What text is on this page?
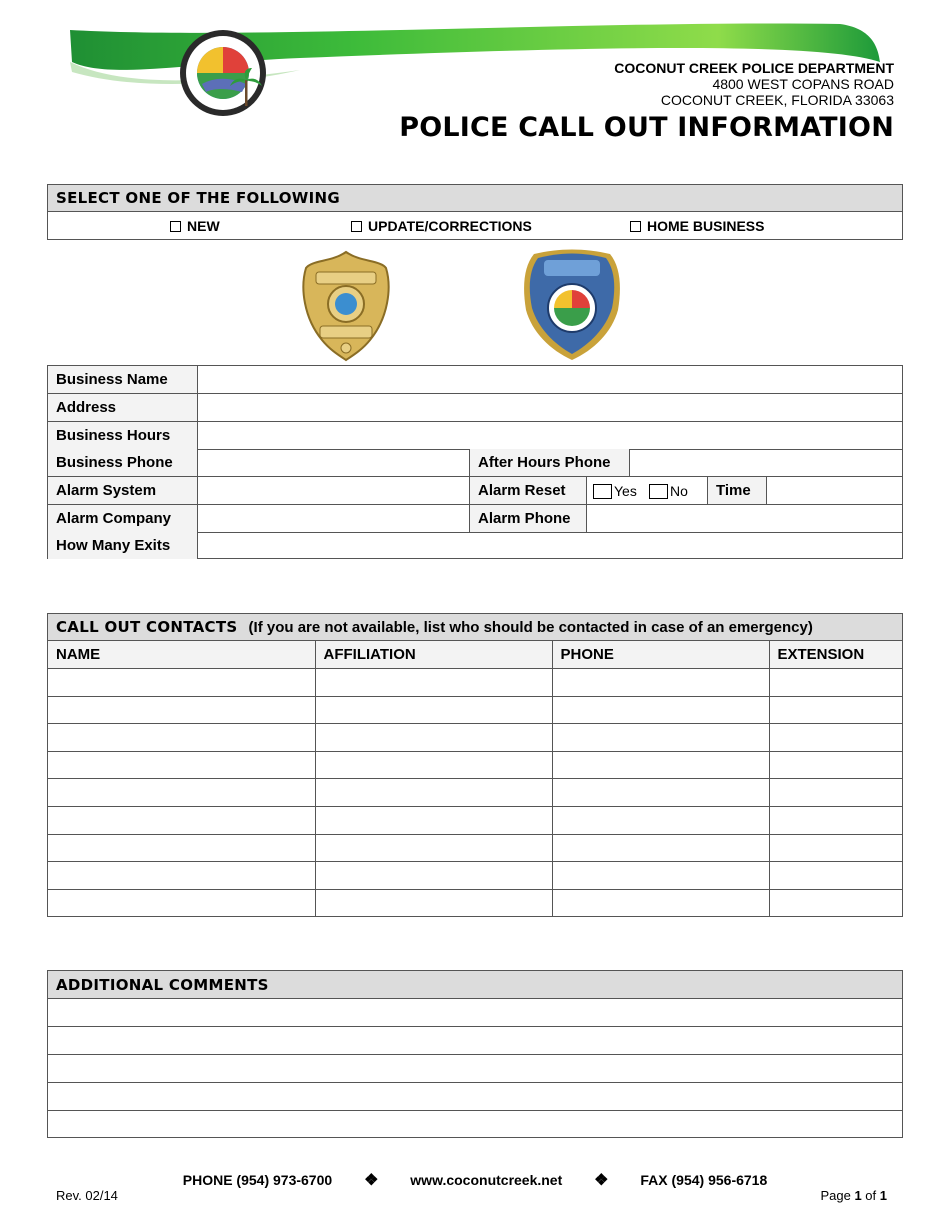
COCONUT CREEK POLICE DEPARTMENT
4800 WEST COPANS ROAD
COCONUT CREEK, FLORIDA 33063
POLICE CALL OUT INFORMATION
SELECT ONE OF THE FOLLOWING
NEW	UPDATE/CORRECTIONS	HOME BUSINESS
Business Name
Address
Business Hours
Business Phone	After Hours Phone
Alarm System	Alarm Reset	Yes No	Time
Alarm Company	Alarm Phone
How Many Exits
CALL OUT CONTACTS (If you are not available, list who should be contacted in case of an emergency)
NAME	AFFILIATION	PHONE	EXTENSION

ADDITIONAL COMMENTS
PHONE (954) 973-6700 ❖ www.coconutcreek.net ❖ FAX (954) 956-6718
Rev. 02/14	Page 1 of 1
